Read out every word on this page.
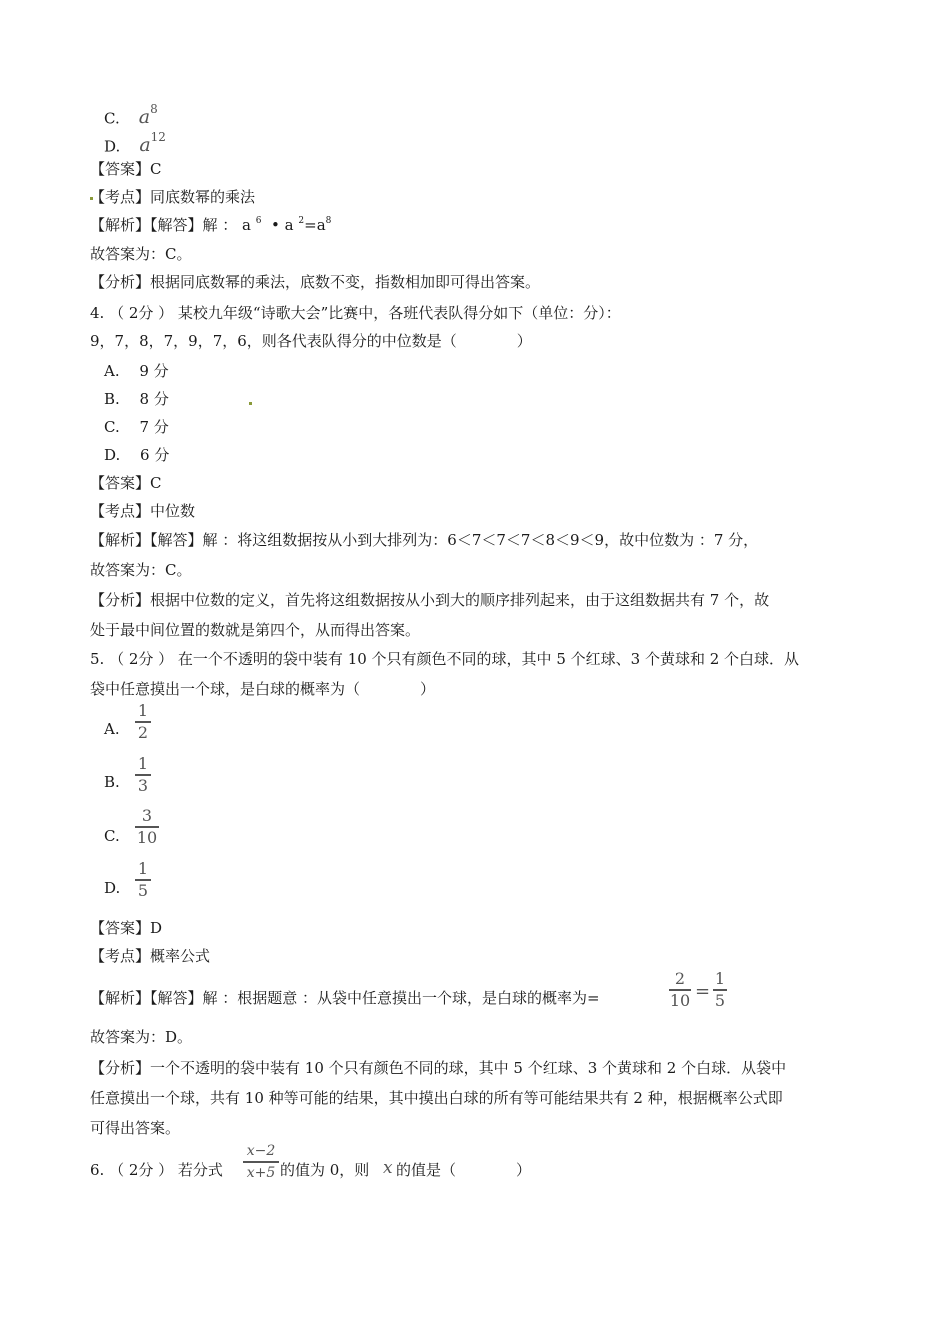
C. $a^8$
D. $a^{12}$
【答案】C
【考点】同底数幂的乘法
【解析】【解答】解 ： a $^6$ • a $^2=a^8$
故答案为：C。
【分析】根据同底数幂的乘法，底数不变，指数相加即可得出答案。
4. （ 2分 ） 某校九年级“诗歌大会”比赛中，各班代表队得分如下（单位：分）：
9，7，8，7，9，7，6，则各代表队得分的中位数是（　　　　）
A.　 9 分
B.　 8 分
C.　 7 分
D.　 6 分
【答案】C
【考点】中位数
【解析】【解答】解 ：将这组数据按从小到大排列为：6＜7＜7＜7＜8＜9＜9，故中位数为 ：7 分，
故答案为：C。
【分析】根据中位数的定义，首先将这组数据按从小到大的顺序排列起来，由于这组数据共有 7 个，故
处于最中间位置的数就是第四个，从而得出答案。
5. （ 2分 ） 在一个不透明的袋中装有 10 个只有颜色不同的球，其中 5 个红球、3 个黄球和 2 个白球．从
袋中任意摸出一个球，是白球的概率为（　　　　）
A.
1
2
B.
1
3
C.
3
10
D.
1
5
【答案】D
【考点】概率公式
【解析】【解答】解 ：根据题意 ：从袋中任意摸出一个球，是白球的概率为=
2
10 =
1
5
故答案为：D。
【分析】一个不透明的袋中装有 10 个只有颜色不同的球，其中 5 个红球、3 个黄球和 2 个白球．从袋中
任意摸出一个球，共有 10 种等可能的结果，其中摸出白球的所有等可能结果共有 2 种，根据概率公式即
可得出答案。
6. （ 2分 ） 若分式
x−2
x+5 的值为 0，则 x 的值是（　　　　）
